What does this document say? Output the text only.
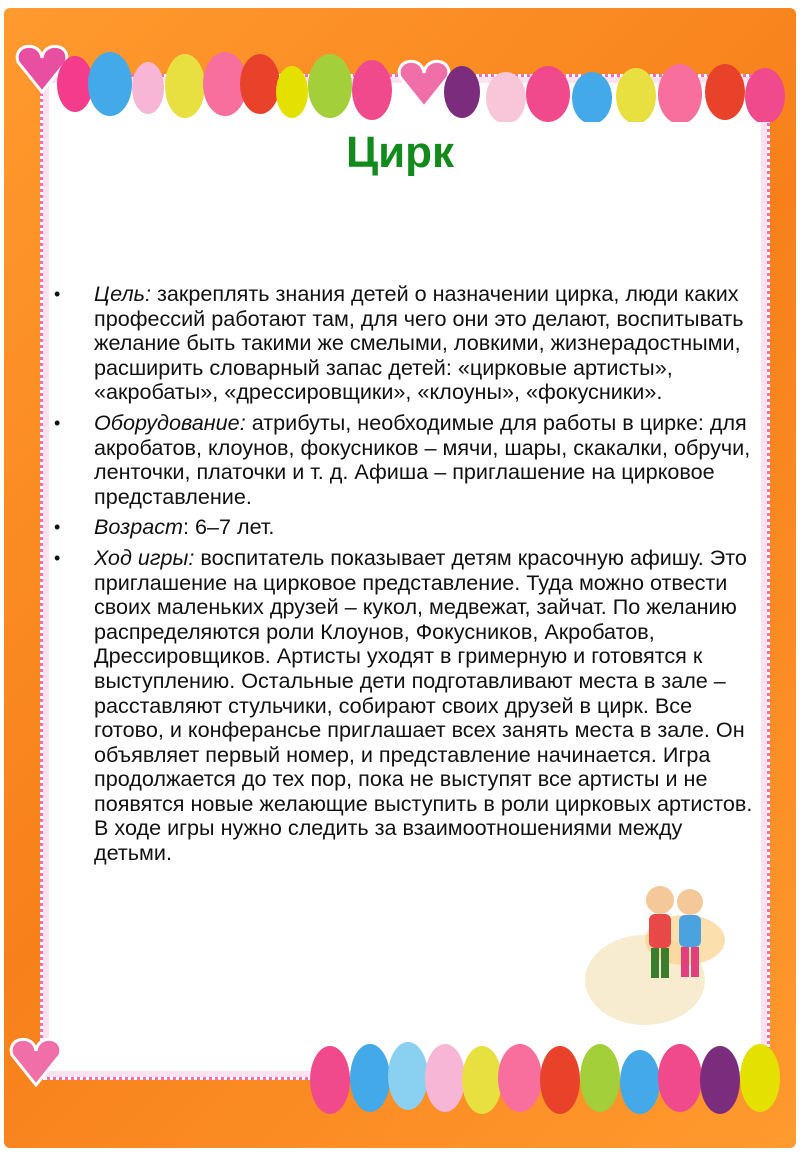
Цирк
• Цель: закреплять знания детей о назначении цирка, люди каких профессий работают там, для чего они это делают, воспитывать желание быть такими же смелыми, ловкими, жизнерадостными, расширить словарный запас детей: «цирковые артисты», «акробаты», «дрессировщики», «клоуны», «фокусники».
• Оборудование: атрибуты, необходимые для работы в цирке: для акробатов, клоунов, фокусников – мячи, шары, скакалки, обручи, ленточки, платочки и т. д. Афиша – приглашение на цирковое представление.
• Возраст: 6–7 лет.
• Ход игры: воспитатель показывает детям красочную афишу. Это приглашение на цирковое представление. Туда можно отвести своих маленьких друзей – кукол, медвежат, зайчат. По желанию распределяются роли Клоунов, Фокусников, Акробатов, Дрессировщиков. Артисты уходят в гримерную и готовятся к выступлению. Остальные дети подготавливают места в зале – расставляют стульчики, собирают своих друзей в цирк. Все готово, и конферансье приглашает всех занять места в зале. Он объявляет первый номер, и представление начинается. Игра продолжается до тех пор, пока не выступят все артисты и не появятся новые желающие выступить в роли цирковых артистов. В ходе игры нужно следить за взаимоотношениями между детьми.
